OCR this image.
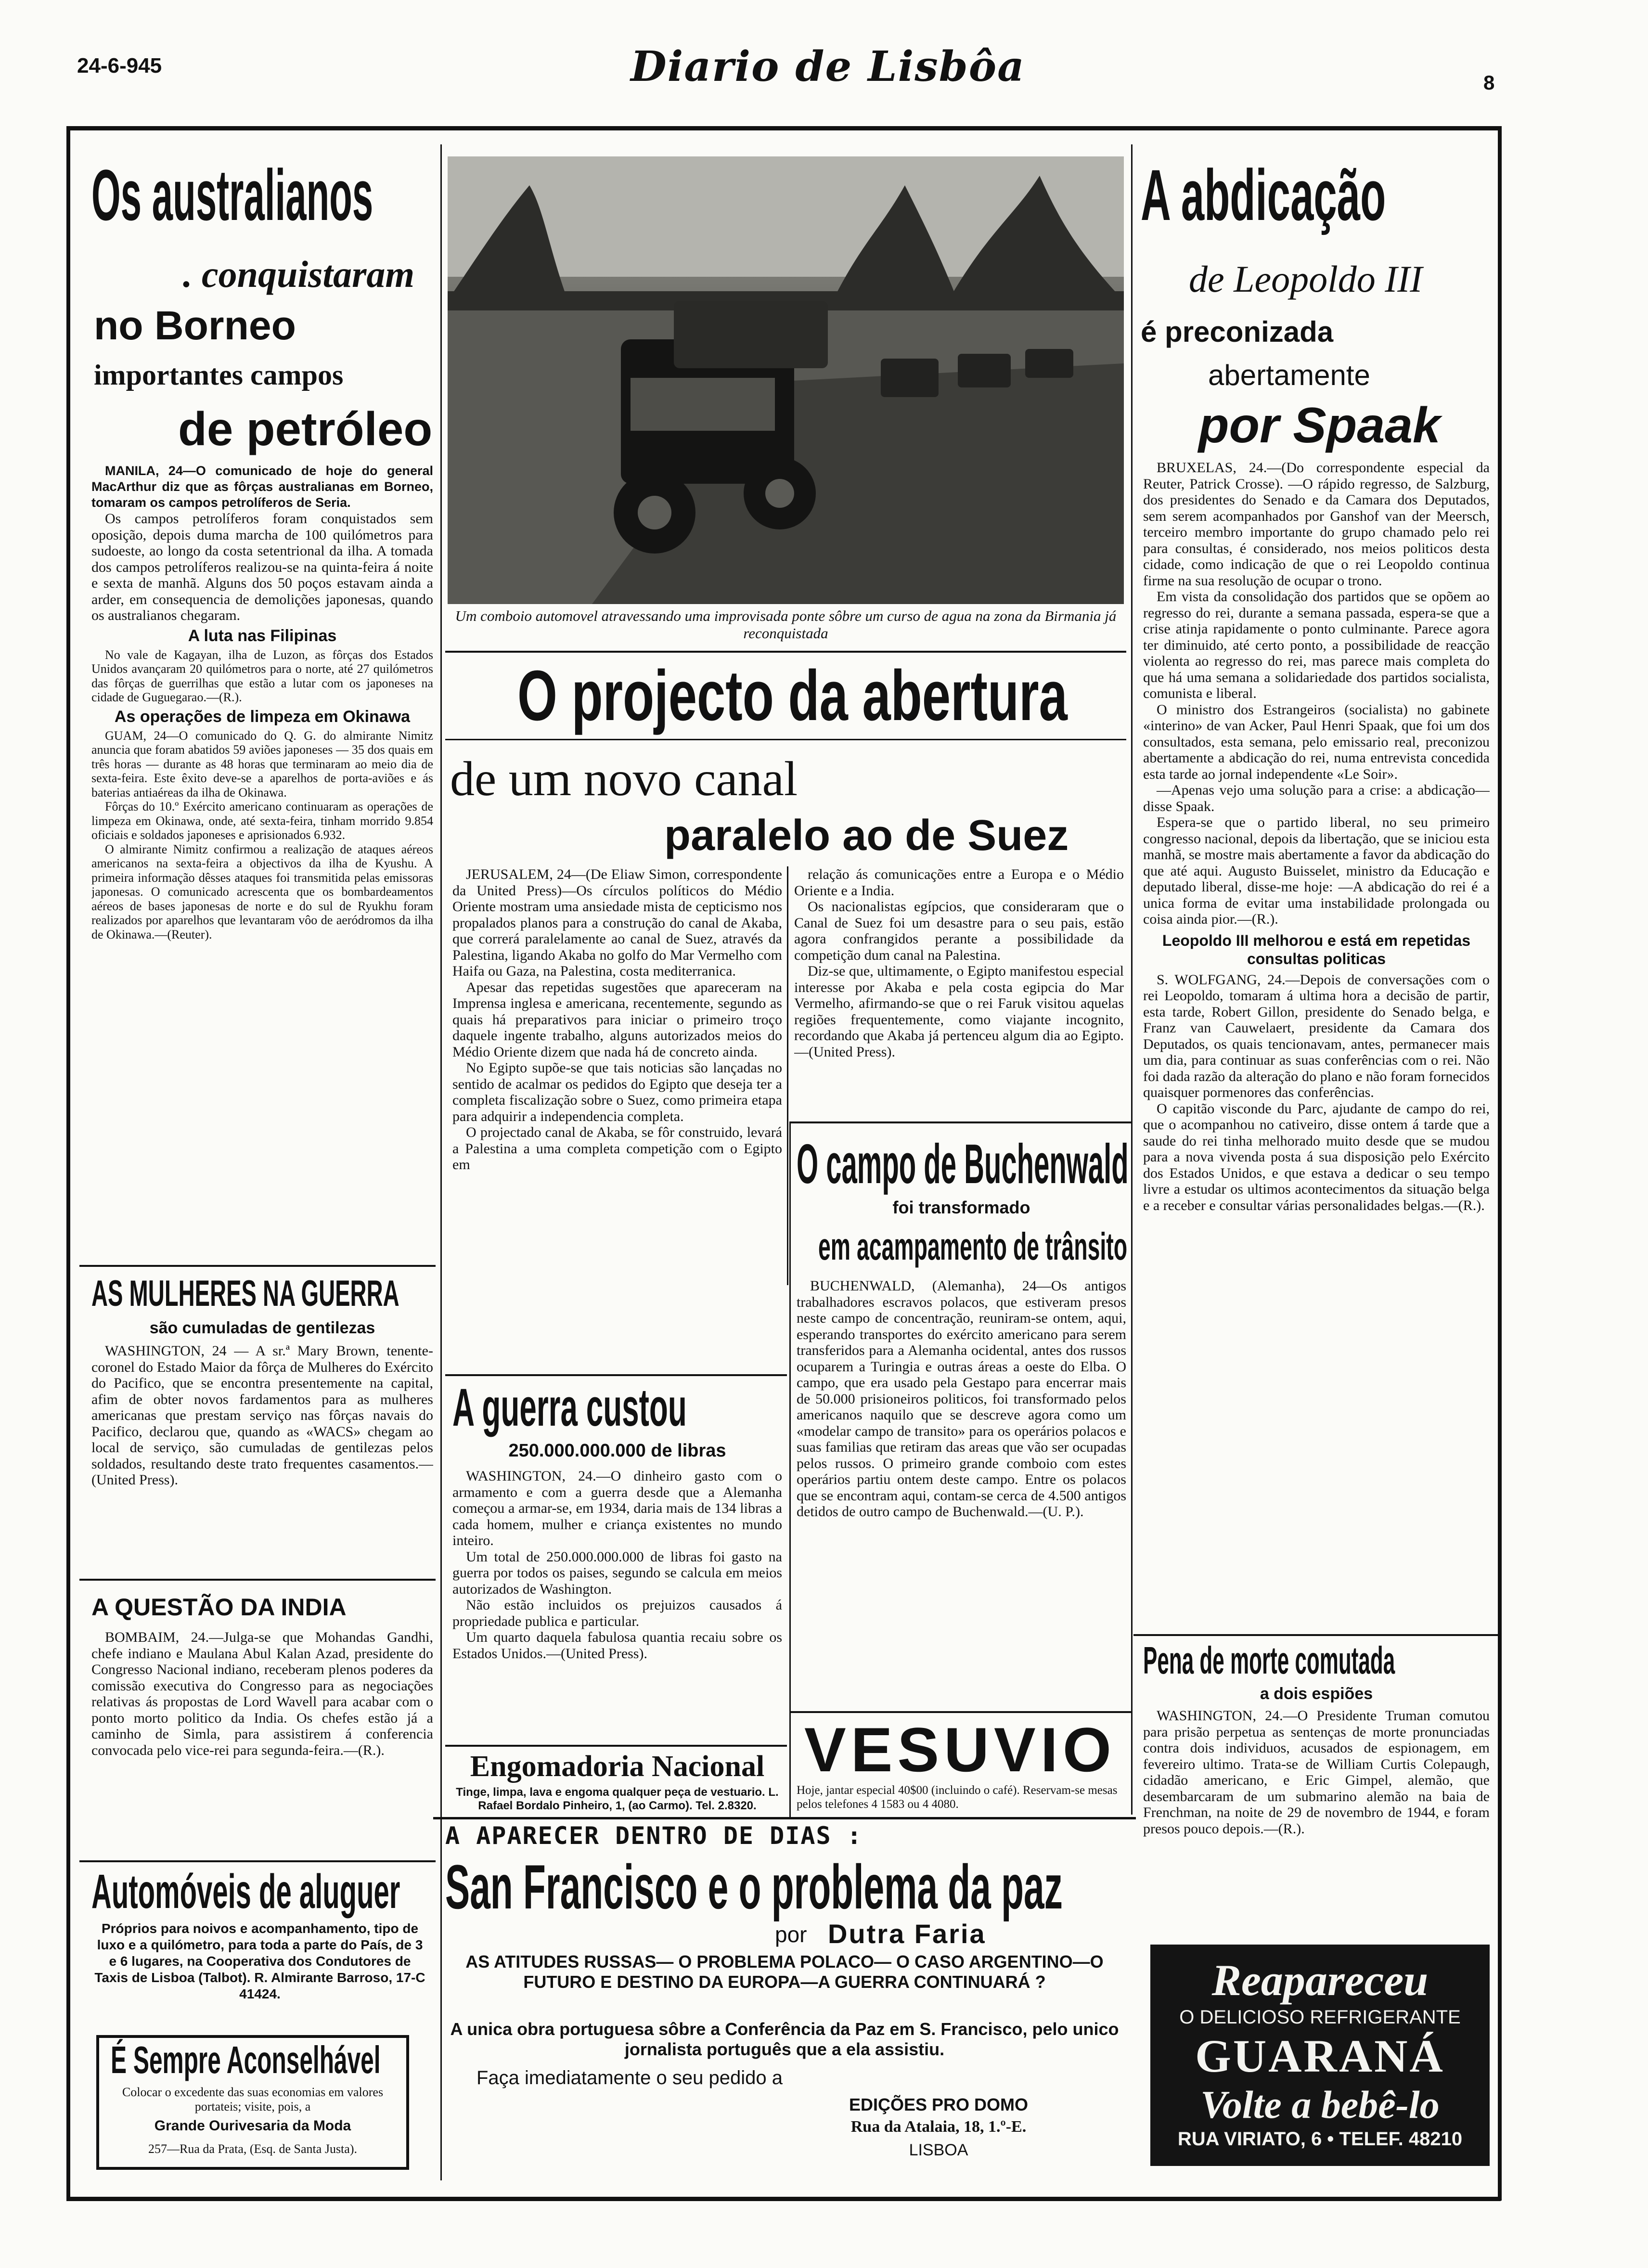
24-6-945	Diario de Lisbôa	8
Os australianos
. conquistaram
no Borneo
importantes campos
de petróleo

MANILA, 24—O comunicado de hoje do general MacArthur diz que as fôrças australianas em Borneo, tomaram os campos petrolíferos de Seria.

Os campos petrolíferos foram conquistados sem oposição, depois duma marcha de 100 quilómetros para sudoeste, ao longo da costa setentrional da ilha. A tomada dos campos petrolíferos realizou-se na quinta-feira á noite e sexta de manhã. Alguns dos 50 poços estavam ainda a arder, em consequencia de demolições japonesas, quando os australianos chegaram.

A luta nas Filipinas

No vale de Kagayan, ilha de Luzon, as fôrças dos Estados Unidos avançaram 20 quilómetros para o norte, até 27 quilómetros das fôrças de guerrilhas que estão a lutar com os japoneses na cidade de Guguegarao.—(R.).

As operações de limpeza em Okinawa

GUAM, 24—O comunicado do Q. G. do almirante Nimitz anuncia que foram abatidos 59 aviões japoneses — 35 dos quais em três horas — durante as 48 horas que terminaram ao meio dia de sexta-feira. Este êxito deve-se a aparelhos de porta-aviões e ás baterias antiaéreas da ilha de Okinawa.

Fôrças do 10.º Exército americano continuaram as operações de limpeza em Okinawa, onde, até sexta-feira, tinham morrido 9.854 oficiais e soldados japoneses e aprisionados 6.932.

O almirante Nimitz confirmou a realização de ataques aéreos americanos na sexta-feira a objectivos da ilha de Kyushu. A primeira informação dêsses ataques foi transmitida pelas emissoras japonesas. O comunicado acrescenta que os bombardeamentos aéreos de bases japonesas de norte e do sul de Ryukhu foram realizados por aparelhos que levantaram vôo de aeródromos da ilha de Okinawa.—(Reuter).

AS MULHERES NA GUERRA
são cumuladas de gentilezas

WASHINGTON, 24 — A sr.ª Mary Brown, tenente-coronel do Estado Maior da fôrça de Mulheres do Exército do Pacifico, que se encontra presentemente na capital, afim de obter novos fardamentos para as mulheres americanas que prestam serviço nas fôrças navais do Pacifico, declarou que, quando as «WACS» chegam ao local de serviço, são cumuladas de gentilezas pelos soldados, resultando deste trato frequentes casamentos.—(United Press).

A QUESTÃO DA INDIA

BOMBAIM, 24.—Julga-se que Mohandas Gandhi, chefe indiano e Maulana Abul Kalan Azad, presidente do Congresso Nacional indiano, receberam plenos poderes da comissão executiva do Congresso para as negociações relativas ás propostas de Lord Wavell para acabar com o ponto morto politico da India. Os chefes estão já a caminho de Simla, para assistirem á conferencia convocada pelo vice-rei para segunda-feira.—(R.).

Automóveis de aluguer
Próprios para noivos e acompanhamento, tipo de luxo e a quilómetro, para toda a parte do País, de 3 e 6 lugares, na Cooperativa dos Condutores de Taxis de Lisboa (Talbot). R. Almirante Barroso, 17-C 41424.
É Sempre Aconselhável
Colocar o excedente das suas economias em valores portateis; visite, pois, a
Grande Ourivesaria da Moda
257—Rua da Prata, (Esq. de Santa Justa).
Um comboio automovel atravessando uma improvisada ponte sôbre um curso de agua na zona da Birmania já reconquistada
O projecto da abertura
de um novo canal
paralelo ao de Suez

JERUSALEM, 24—(De Eliaw Simon, correspondente da United Press)—Os círculos políticos do Médio Oriente mostram uma ansiedade mista de cepticismo nos propalados planos para a construção do canal de Akaba, que correrá paralelamente ao canal de Suez, através da Palestina, ligando Akaba no golfo do Mar Vermelho com Haifa ou Gaza, na Palestina, costa mediterranica.

Apesar das repetidas sugestões que apareceram na Imprensa inglesa e americana, recentemente, segundo as quais há preparativos para iniciar o primeiro troço daquele ingente trabalho, alguns autorizados meios do Médio Oriente dizem que nada há de concreto ainda.

No Egipto supõe-se que tais noticias são lançadas no sentido de acalmar os pedidos do Egipto que deseja ter a completa fiscalização sobre o Suez, como primeira etapa para adquirir a independencia completa.

O projectado canal de Akaba, se fôr construido, levará a Palestina a uma completa competição com o Egipto em

relação ás comunicações entre a Europa e o Médio Oriente e a India.

Os nacionalistas egípcios, que consideraram que o Canal de Suez foi um desastre para o seu pais, estão agora confrangidos perante a possibilidade da competição dum canal na Palestina.

Diz-se que, ultimamente, o Egipto manifestou especial interesse por Akaba e pela costa egipcia do Mar Vermelho, afirmando-se que o rei Faruk visitou aquelas regiões frequentemente, como viajante incognito, recordando que Akaba já pertenceu algum dia ao Egipto.—(United Press).

A guerra custou
250.000.000.000 de libras

WASHINGTON, 24.—O dinheiro gasto com o armamento e com a guerra desde que a Alemanha começou a armar-se, em 1934, daria mais de 134 libras a cada homem, mulher e criança existentes no mundo inteiro.

Um total de 250.000.000.000 de libras foi gasto na guerra por todos os paises, segundo se calcula em meios autorizados de Washington.

Não estão incluidos os prejuizos causados á propriedade publica e particular.

Um quarto daquela fabulosa quantia recaiu sobre os Estados Unidos.—(United Press).

Engomadoria Nacional
Tinge, limpa, lava e engoma qualquer peça de vestuario. L. Rafael Bordalo Pinheiro, 1, (ao Carmo). Tel. 2.8320.
O campo de Buchenwald
foi transformado
em acampamento de trânsito

BUCHENWALD, (Alemanha), 24—Os antigos trabalhadores escravos polacos, que estiveram presos neste campo de concentração, reuniram-se ontem, aqui, esperando transportes do exército americano para serem transferidos para a Alemanha ocidental, antes dos russos ocuparem a Turingia e outras áreas a oeste do Elba. O campo, que era usado pela Gestapo para encerrar mais de 50.000 prisioneiros politicos, foi transformado pelos americanos naquilo que se descreve agora como um «modelar campo de transito» para os operários polacos e suas familias que retiram das areas que vão ser ocupadas pelos russos. O primeiro grande comboio com estes operários partiu ontem deste campo. Entre os polacos que se encontram aqui, contam-se cerca de 4.500 antigos detidos de outro campo de Buchenwald.—(U. P.).

VESUVIO
Hoje, jantar especial 40$00 (incluindo o café). Reservam-se mesas pelos telefones 4 1583 ou 4 4080.
A APARECER DENTRO DE DIAS :
San Francisco e o problema da paz
por Dutra Faria
AS ATITUDES RUSSAS— O PROBLEMA POLACO— O CASO ARGENTINO—O FUTURO E DESTINO DA EUROPA—A GUERRA CONTINUARÁ ?
A unica obra portuguesa sôbre a Conferência da Paz em S. Francisco, pelo unico jornalista português que a ela assistiu.
Faça imediatamente o seu pedido a
EDIÇÕES PRO DOMO
Rua da Atalaia, 18, 1.º-E.
LISBOA
A abdicação
de Leopoldo III
é preconizada
abertamente
por Spaak

BRUXELAS, 24.—(Do correspondente especial da Reuter, Patrick Crosse). —O rápido regresso, de Salzburg, dos presidentes do Senado e da Camara dos Deputados, sem serem acompanhados por Ganshof van der Meersch, terceiro membro importante do grupo chamado pelo rei para consultas, é considerado, nos meios politicos desta cidade, como indicação de que o rei Leopoldo continua firme na sua resolução de ocupar o trono.

Em vista da consolidação dos partidos que se opõem ao regresso do rei, durante a semana passada, espera-se que a crise atinja rapidamente o ponto culminante. Parece agora ter diminuido, até certo ponto, a possibilidade de reacção violenta ao regresso do rei, mas parece mais completa do que há uma semana a solidariedade dos partidos socialista, comunista e liberal.

O ministro dos Estrangeiros (socialista) no gabinete «interino» de van Acker, Paul Henri Spaak, que foi um dos consultados, esta semana, pelo emissario real, preconizou abertamente a abdicação do rei, numa entrevista concedida esta tarde ao jornal independente «Le Soir».

—Apenas vejo uma solução para a crise: a abdicação—disse Spaak.

Espera-se que o partido liberal, no seu primeiro congresso nacional, depois da libertação, que se iniciou esta manhã, se mostre mais abertamente a favor da abdicação do que até aqui. Augusto Buisselet, ministro da Educação e deputado liberal, disse-me hoje: —A abdicação do rei é a unica forma de evitar uma instabilidade prolongada ou coisa ainda pior.—(R.).

Leopoldo III melhorou e está em repetidas consultas politicas

S. WOLFGANG, 24.—Depois de conversações com o rei Leopoldo, tomaram á ultima hora a decisão de partir, esta tarde, Robert Gillon, presidente do Senado belga, e Franz van Cauwelaert, presidente da Camara dos Deputados, os quais tencionavam, antes, permanecer mais um dia, para continuar as suas conferências com o rei. Não foi dada razão da alteração do plano e não foram fornecidos quaisquer pormenores das conferências.

O capitão visconde du Parc, ajudante de campo do rei, que o acompanhou no cativeiro, disse ontem á tarde que a saude do rei tinha melhorado muito desde que se mudou para a nova vivenda posta á sua disposição pelo Exército dos Estados Unidos, e que estava a dedicar o seu tempo livre a estudar os ultimos acontecimentos da situação belga e a receber e consultar várias personalidades belgas.—(R.).

Pena de morte comutada
a dois espiões

WASHINGTON, 24.—O Presidente Truman comutou para prisão perpetua as sentenças de morte pronunciadas contra dois individuos, acusados de espionagem, em fevereiro ultimo. Trata-se de William Curtis Colepaugh, cidadão americano, e Eric Gimpel, alemão, que desembarcaram de um submarino alemão na baia de Frenchman, na noite de 29 de novembro de 1944, e foram presos pouco depois.—(R.).

Reapareceu
O DELICIOSO REFRIGERANTE
GUARANÁ
Volte a bebê-lo
RUA VIRIATO, 6 • TELEF. 48210
